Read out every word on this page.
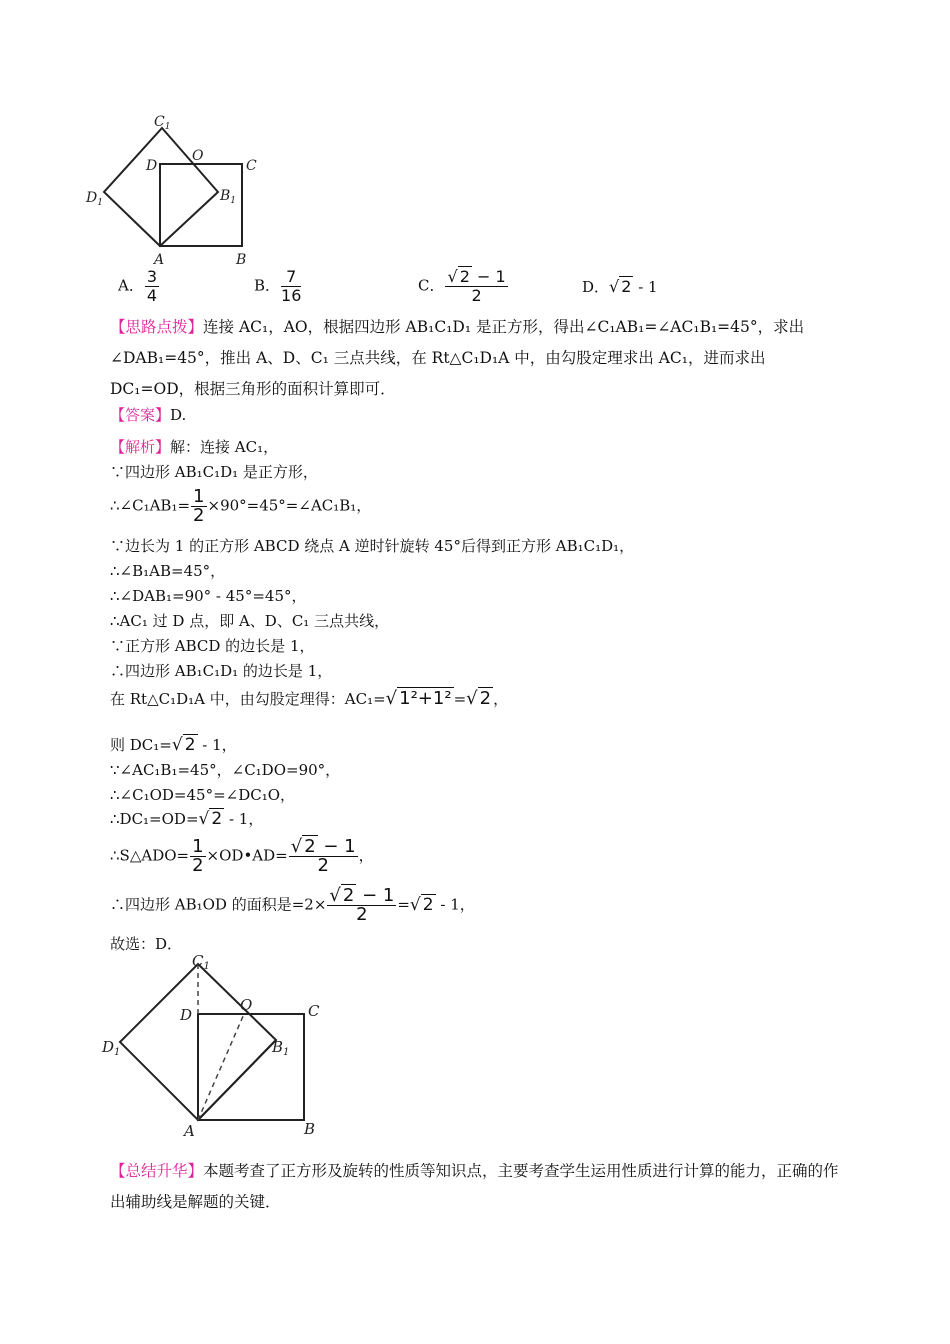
$C_1$
D
O
C
$D_1$	$B_1$
A	B
A． $\frac{3}{4}$	B． $\frac{7}{16}$	C． $\frac{√ 2 - 1}{2}$	D．√ 2 - 1
【思路点拨】连接 AC₁，AO，根据四边形 AB₁C₁D₁ 是正方形，得出∠C₁AB₁=∠AC₁B₁=45°，求出∠DAB₁=45°，推出 A、D、C₁ 三点共线，在 Rt△C₁D₁A 中，由勾股定理求出 AC₁，进而求出 DC₁=OD，根据三角形的面积计算即可．
【答案】D.
【解析】解：连接 AC₁，
∵四边形 AB₁C₁D₁ 是正方形，
∴∠C₁AB₁= $\frac{1}{2}$ ×90°=45°=∠AC₁B₁，
∵边长为 1 的正方形 ABCD 绕点 A 逆时针旋转 45°后得到正方形 AB₁C₁D₁，
∴∠B₁AB=45°，
∴∠DAB₁=90° - 45°=45°，
∴AC₁ 过 D 点，即 A、D、C₁ 三点共线，
∵正方形 ABCD 的边长是 1，
∴四边形 AB₁C₁D₁ 的边长是 1，
在 Rt△C₁D₁A 中，由勾股定理得：AC₁=√ 1²+1² =√ 2 ，
则 DC₁=√ 2 - 1，
∵∠AC₁B₁=45°，∠C₁DO=90°，
∴∠C₁OD=45°=∠DC₁O，
∴DC₁=OD=√ 2 - 1，
∴S△ADO= $\frac{1}{2}$ ×OD•AD= $\frac{√ 2 - 1}{2}$ ，
∴四边形 AB₁OD 的面积是$=2\times \frac{√ 2 - 1}{2}$ =√ 2 - 1，
故选：D．
$C_1$
D
O	C
$D_1$	$B_1$
A	B
【总结升华】本题考查了正方形及旋转的性质等知识点，主要考查学生运用性质进行计算的能力，正确的作出辅助线是解题的关键．
